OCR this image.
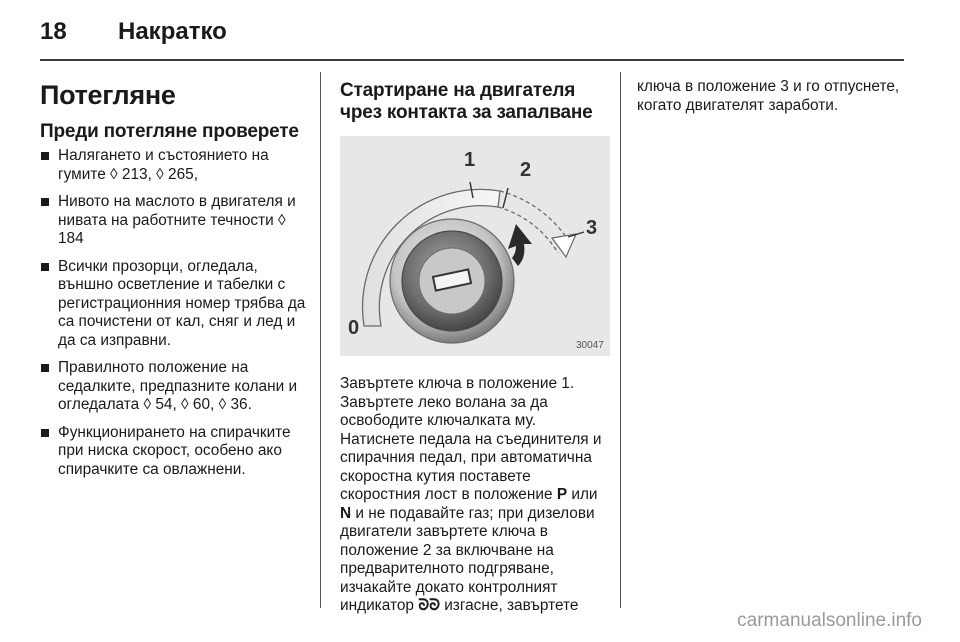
18	Накратко
Потегляне
Преди потегляне проверете
Налягането и състоянието на гумите ◊ 213, ◊ 265,
Нивото на маслото в двигателя и нивата на работните течности ◊ 184
Всички прозорци, огледала, външно осветление и табелки с регистрационния номер трябва да са почистени от кал, сняг и лед и да са изправни.
Правилното положение на седалките, предпазните колани и огледалата ◊ 54, ◊ 60, ◊ 36.
Функционирането на спирачките при ниска скорост, особено ако спирачките са овлажнени.
Стартиране на двигателя
чрез контакта за запалване
1 2
3
0
30047

Завъртете ключа в положение 1. Завъртете леко волана за да освободите ключалката му. Натиснете педала на съединителя и спирачния педал, при автоматична скоростна кутия поставете скоростния лост в положение P или N и не подавайте газ; при дизелови двигатели завъртете ключа в положение 2 за включване на предварителното подгряване, изчакайте докато контролният индикатор ᘐᘐ изгасне, завъртете

ключа в положение 3 и го отпуснете, когато двигателят заработи.

carmanualsonline.info
